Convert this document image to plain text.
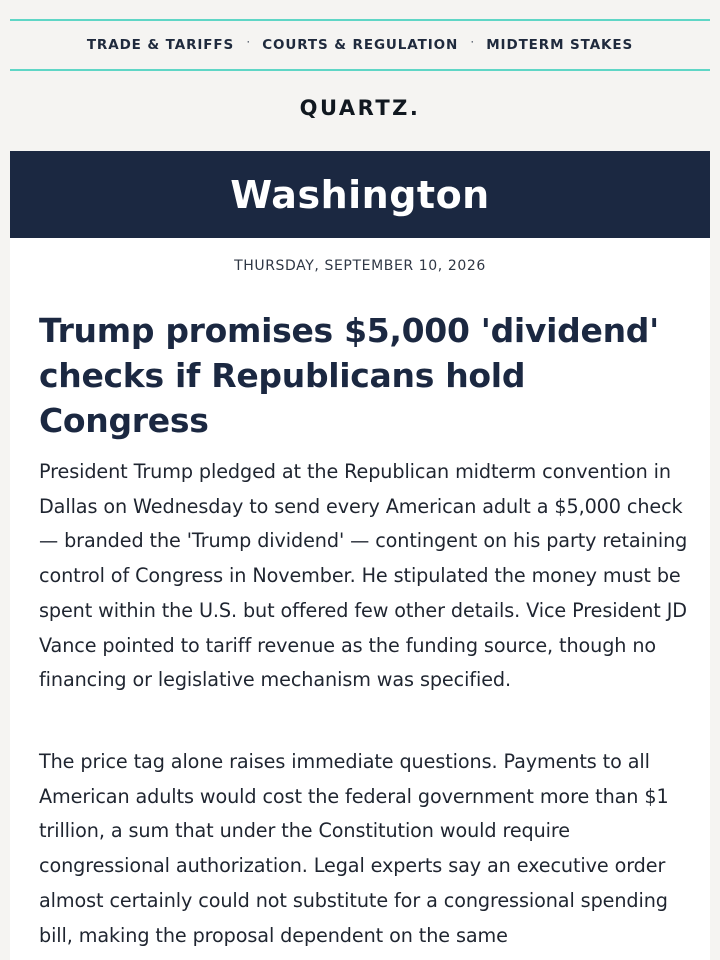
TRADE & TARIFFS · COURTS & REGULATION · MIDTERM STAKES
QUARTZ.
Washington
THURSDAY, SEPTEMBER 10, 2026
Trump promises $5,000 'dividend' checks if Republicans hold Congress

President Trump pledged at the Republican midterm convention in Dallas on Wednesday to send every American adult a $5,000 check — branded the 'Trump dividend' — contingent on his party retaining control of Congress in November. He stipulated the money must be spent within the U.S. but offered few other details. Vice President JD Vance pointed to tariff revenue as the funding source, though no financing or legislative mechanism was specified.

The price tag alone raises immediate questions. Payments to all American adults would cost the federal government more than $1 trillion, a sum that under the Constitution would require congressional authorization. Legal experts say an executive order almost certainly could not substitute for a congressional spending bill, making the proposal dependent on the same
